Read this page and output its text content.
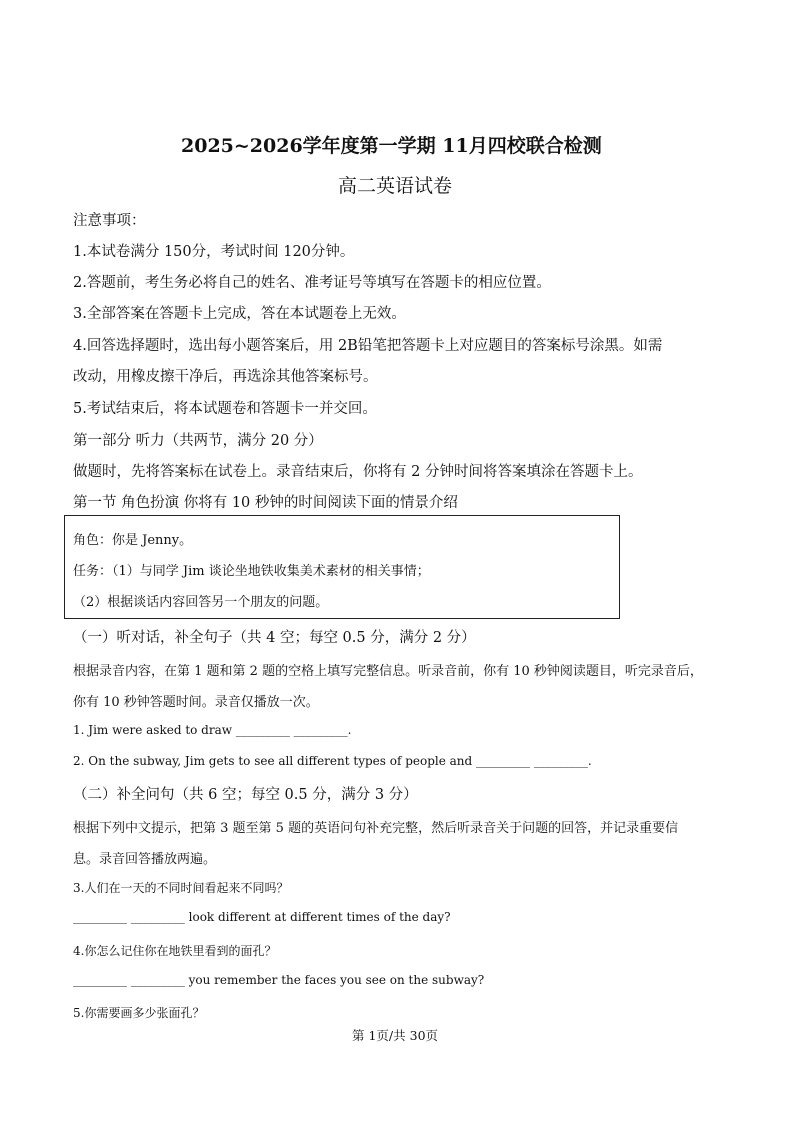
2025~2026学年度第一学期 11月四校联合检测
高二英语试卷
注意事项：
1.本试卷满分 150分，考试时间 120分钟。
2.答题前，考生务必将自己的姓名、准考证号等填写在答题卡的相应位置。
3.全部答案在答题卡上完成，答在本试题卷上无效。
4.回答选择题时，选出每小题答案后，用 2B铅笔把答题卡上对应题目的答案标号涂黑。如需
改动，用橡皮擦干净后，再选涂其他答案标号。
5.考试结束后，将本试题卷和答题卡一并交回。
第一部分 听力（共两节，满分 20 分）
做题时，先将答案标在试卷上。录音结束后，你将有 2 分钟时间将答案填涂在答题卡上。
第一节 角色扮演 你将有 10 秒钟的时间阅读下面的情景介绍
角色：你是 Jenny。
任务：（1）与同学 Jim 谈论坐地铁收集美术素材的相关事情；
（2）根据谈话内容回答另一个朋友的问题。
（一）听对话，补全句子（共 4 空；每空 0.5 分，满分 2 分）
根据录音内容，在第 1 题和第 2 题的空格上填写完整信息。听录音前，你有 10 秒钟阅读题目，听完录音后，
你有 10 秒钟答题时间。录音仅播放一次。
1. Jim were asked to draw _________ _________.
2. On the subway, Jim gets to see all different types of people and _________ _________.
（二）补全问句（共 6 空；每空 0.5 分，满分 3 分）
根据下列中文提示，把第 3 题至第 5 题的英语问句补充完整，然后听录音关于问题的回答，并记录重要信
息。录音回答播放两遍。
3.人们在一天的不同时间看起来不同吗？
_________ _________ look different at different times of the day?
4.你怎么记住你在地铁里看到的面孔？
_________ _________ you remember the faces you see on the subway?
5.你需要画多少张面孔？
第 1页/共 30页
